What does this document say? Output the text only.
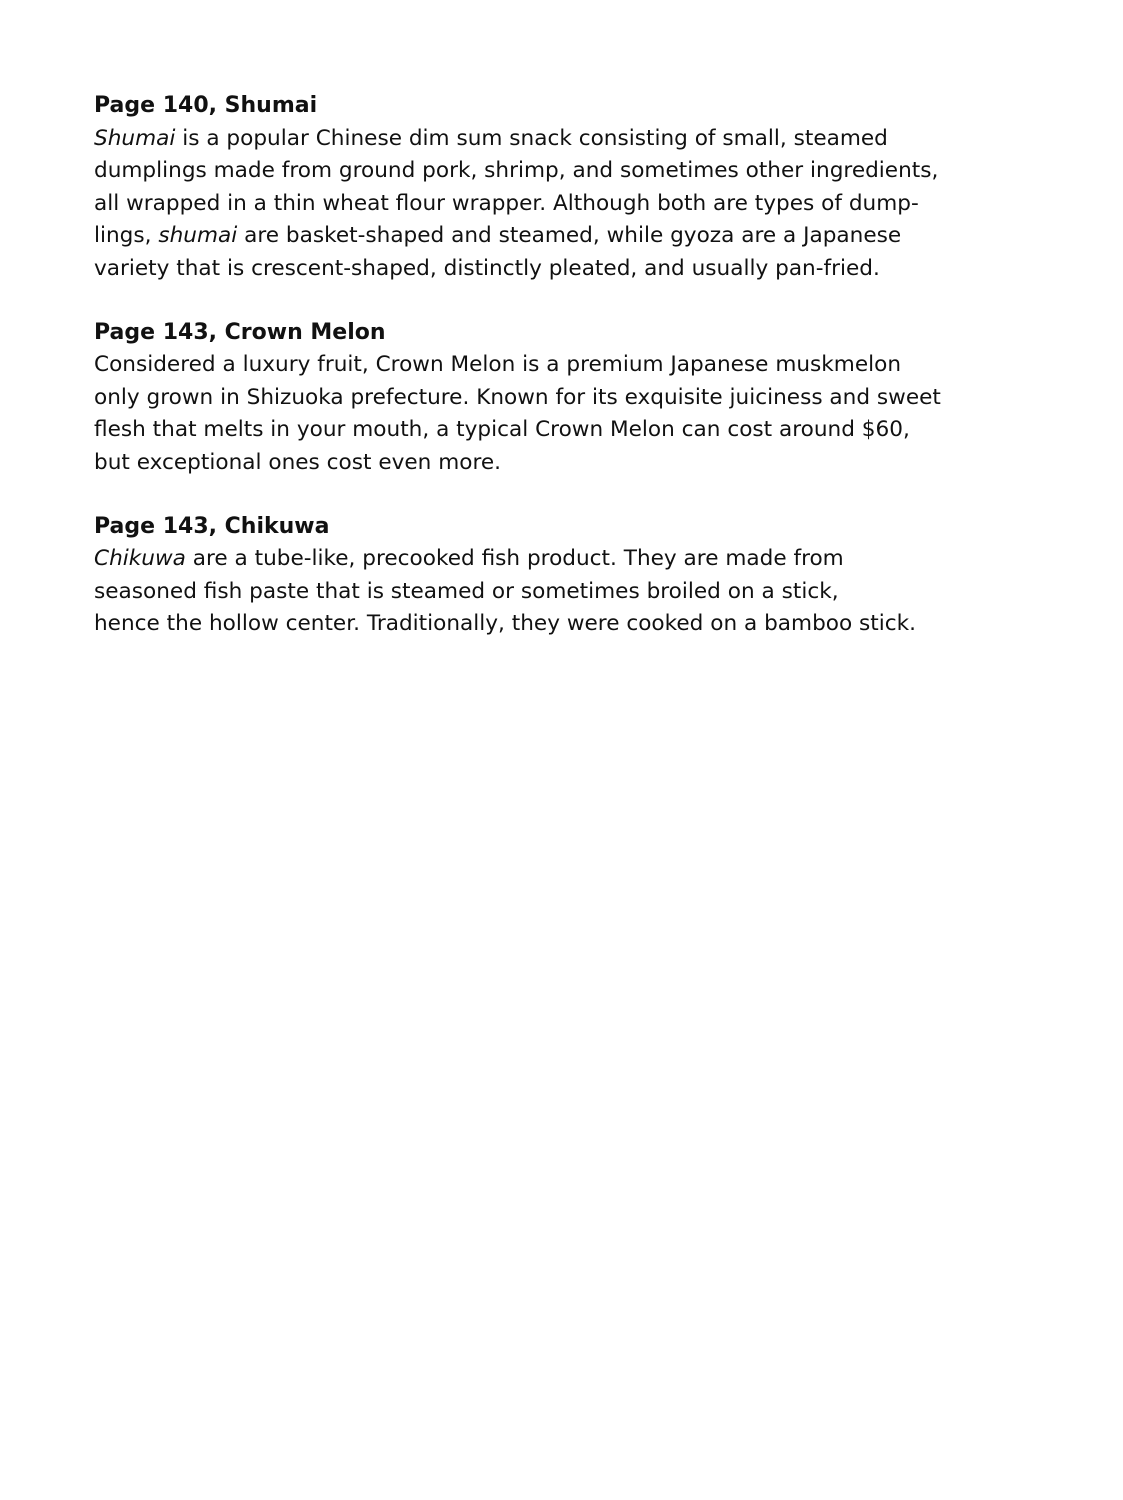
Page 140, Shumai
Shumai is a popular Chinese dim sum snack consisting of small, steamed
dumplings made from ground pork, shrimp, and sometimes other ingredients,
all wrapped in a thin wheat flour wrapper. Although both are types of dump-
lings, shumai are basket-shaped and steamed, while gyoza are a Japanese
variety that is crescent-shaped, distinctly pleated, and usually pan-fried.
Page 143, Crown Melon
Considered a luxury fruit, Crown Melon is a premium Japanese muskmelon
only grown in Shizuoka prefecture. Known for its exquisite juiciness and sweet
flesh that melts in your mouth, a typical Crown Melon can cost around $60,
but exceptional ones cost even more.
Page 143, Chikuwa
Chikuwa are a tube-like, precooked fish product. They are made from
seasoned fish paste that is steamed or sometimes broiled on a stick,
hence the hollow center. Traditionally, they were cooked on a bamboo stick.
